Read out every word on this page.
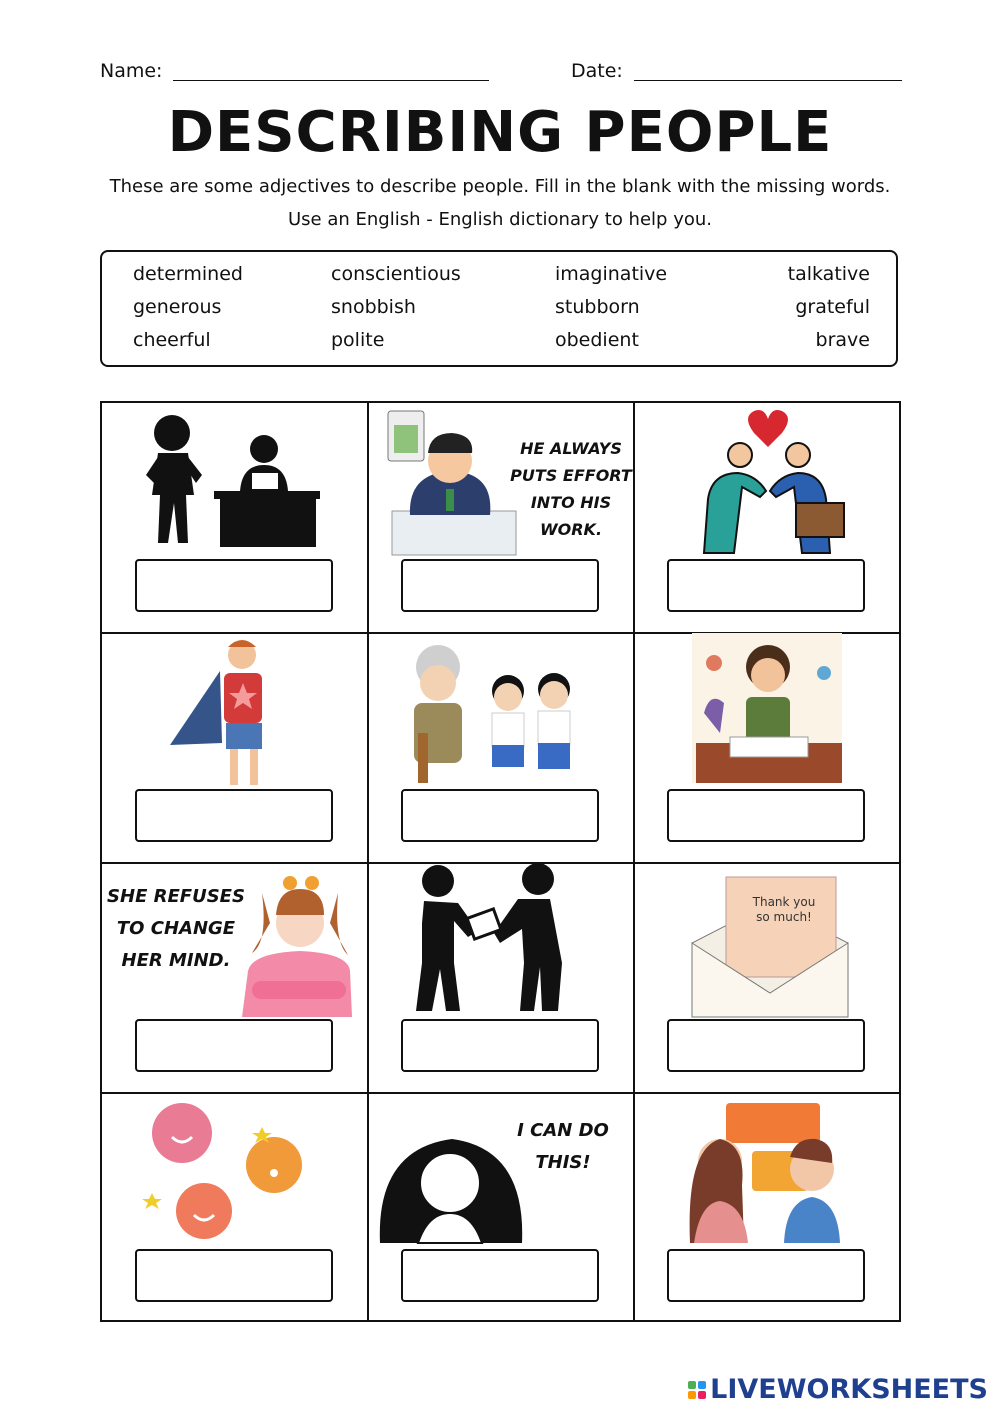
Name:	Date:
DESCRIBING PEOPLE
These are some adjectives to describe people. Fill in the blank with the missing words.
Use an English - English dictionary to help you.
determined	conscientious	imaginative	talkative
generous	snobbish	stubborn	grateful
cheerful	polite	obedient	brave
HE ALWAYS
PUTS EFFORT
INTO HIS
WORK.
SHE REFUSES
TO CHANGE
HER MIND.
Thank you
so much!
I CAN DO
THIS!
LIVEWORKSHEETS
